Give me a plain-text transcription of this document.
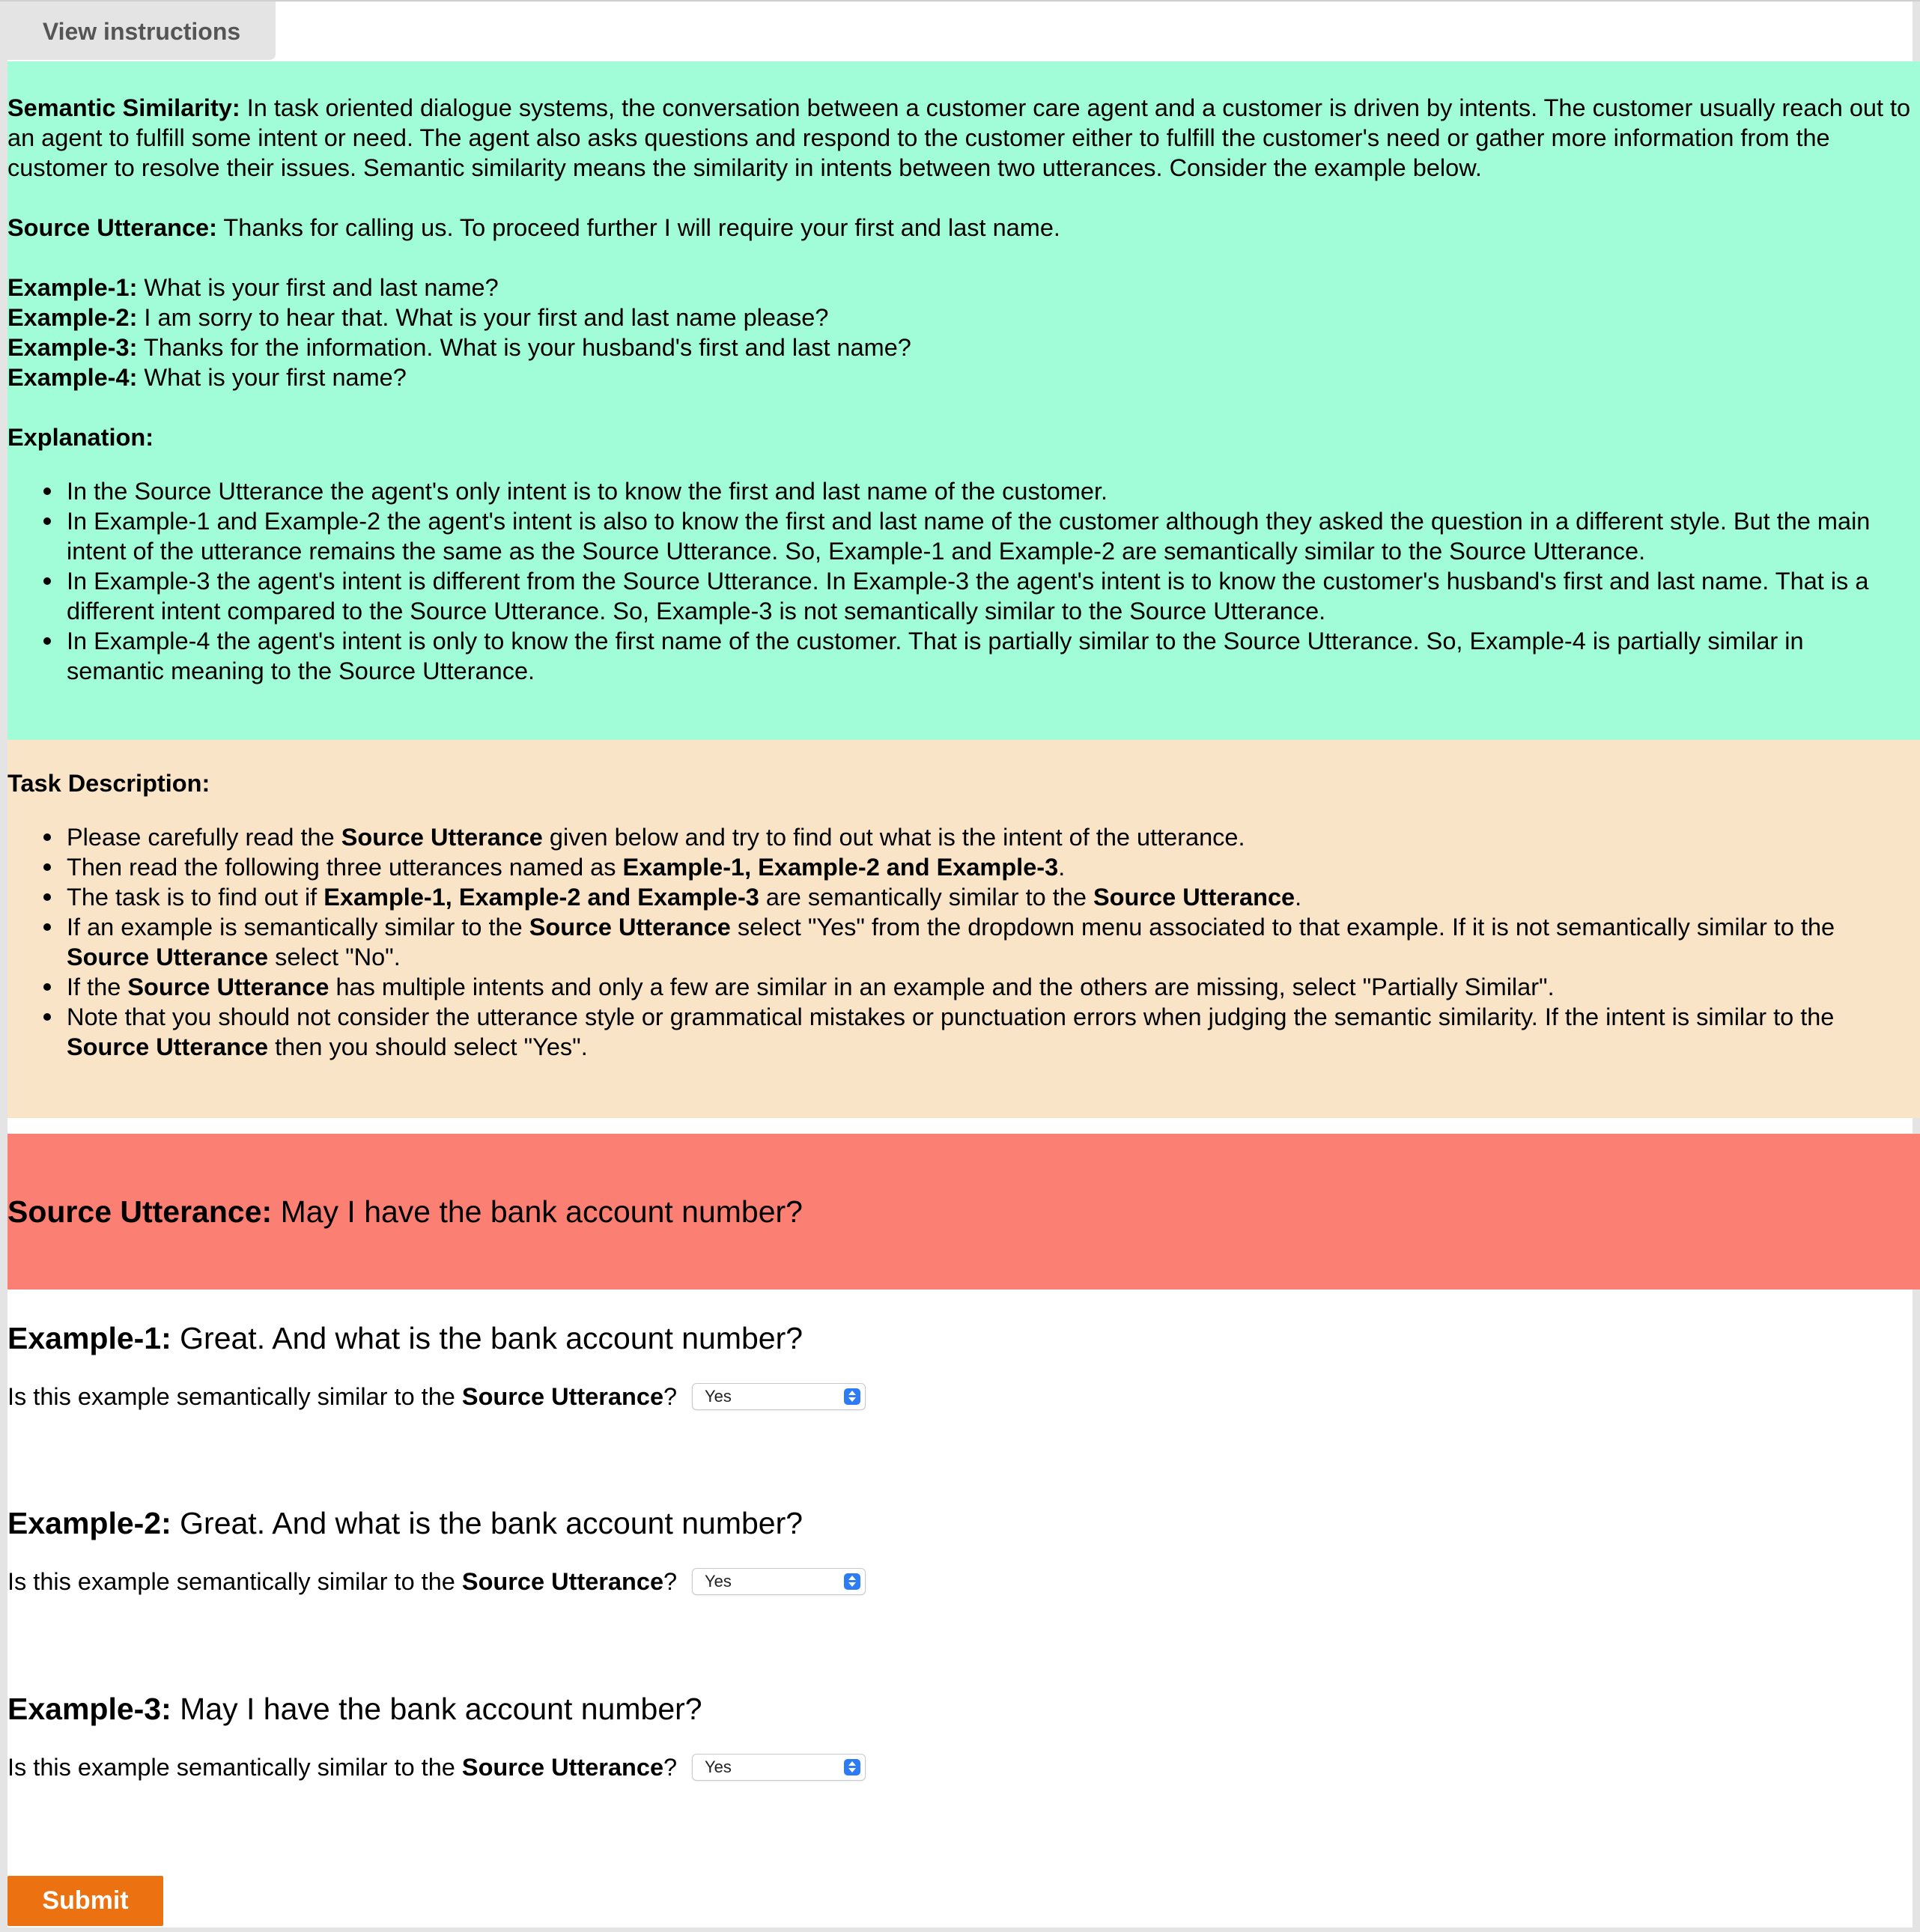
View instructions
Semantic Similarity: In task oriented dialogue systems, the conversation between a customer care agent and a customer is driven by intents. The customer usually reach out to
an agent to fulfill some intent or need. The agent also asks questions and respond to the customer either to fulfill the customer's need or gather more information from the
customer to resolve their issues. Semantic similarity means the similarity in intents between two utterances. Consider the example below.
Source Utterance: Thanks for calling us. To proceed further I will require your first and last name.
Example-1: What is your first and last name?
Example-2: I am sorry to hear that. What is your first and last name please?
Example-3: Thanks for the information. What is your husband's first and last name?
Example-4: What is your first name?
Explanation:
In the Source Utterance the agent's only intent is to know the first and last name of the customer.
In Example-1 and Example-2 the agent's intent is also to know the first and last name of the customer although they asked the question in a different style. But the main
intent of the utterance remains the same as the Source Utterance. So, Example-1 and Example-2 are semantically similar to the Source Utterance.
In Example-3 the agent's intent is different from the Source Utterance. In Example-3 the agent's intent is to know the customer's husband's first and last name. That is a
different intent compared to the Source Utterance. So, Example-3 is not semantically similar to the Source Utterance.
In Example-4 the agent's intent is only to know the first name of the customer. That is partially similar to the Source Utterance. So, Example-4 is partially similar in
semantic meaning to the Source Utterance.
Task Description:
Please carefully read the Source Utterance given below and try to find out what is the intent of the utterance.
Then read the following three utterances named as Example-1, Example-2 and Example-3.
The task is to find out if Example-1, Example-2 and Example-3 are semantically similar to the Source Utterance.
If an example is semantically similar to the Source Utterance select "Yes" from the dropdown menu associated to that example. If it is not semantically similar to the
Source Utterance select "No".
If the Source Utterance has multiple intents and only a few are similar in an example and the others are missing, select "Partially Similar".
Note that you should not consider the utterance style or grammatical mistakes or punctuation errors when judging the semantic similarity. If the intent is similar to the
Source Utterance then you should select "Yes".
Source Utterance: May I have the bank account number?
Example-1: Great. And what is the bank account number?
Is this example semantically similar to the Source Utterance?	Yes
Example-2: Great. And what is the bank account number?
Is this example semantically similar to the Source Utterance?	Yes
Example-3: May I have the bank account number?
Is this example semantically similar to the Source Utterance?	Yes
Submit
